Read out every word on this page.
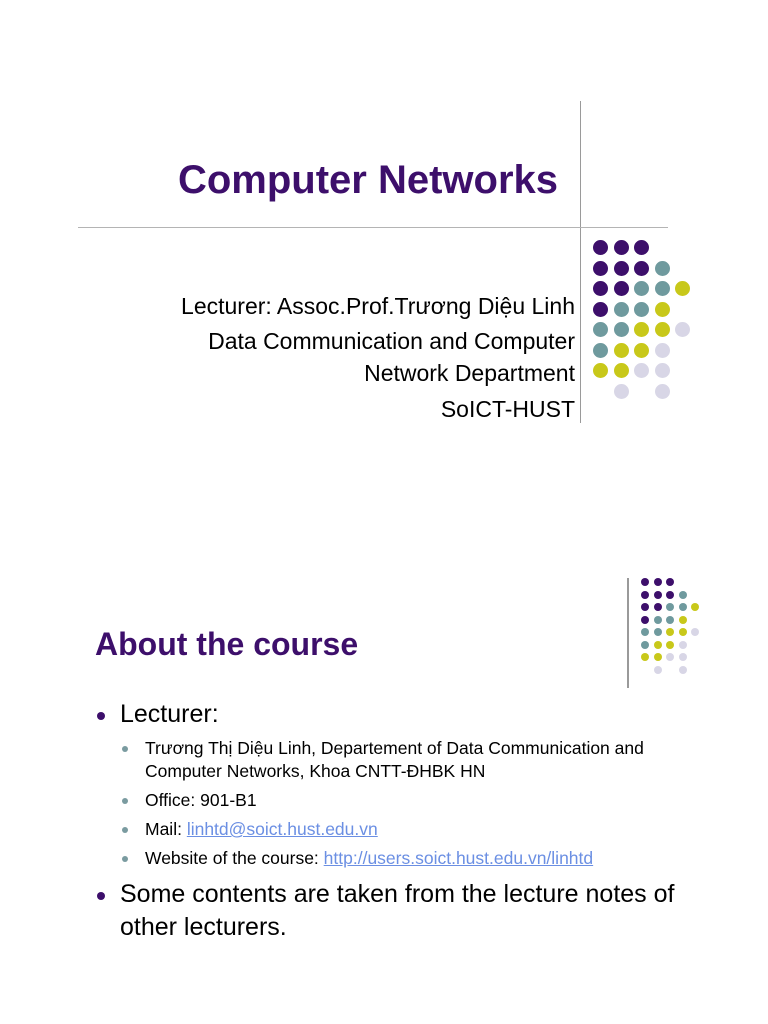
Computer Networks
Lecturer: Assoc.Prof.Trương Diệu Linh
Data Communication and Computer
Network Department
SoICT-HUST
About the course
Lecturer:
Trương Thị Diệu Linh, Departement of Data Communication and Computer Networks, Khoa CNTT-ĐHBK HN
Office: 901-B1
Mail: linhtd@soict.hust.edu.vn
Website of the course: http://users.soict.hust.edu.vn/linhtd
Some contents are taken from the lecture notes of other lecturers.
